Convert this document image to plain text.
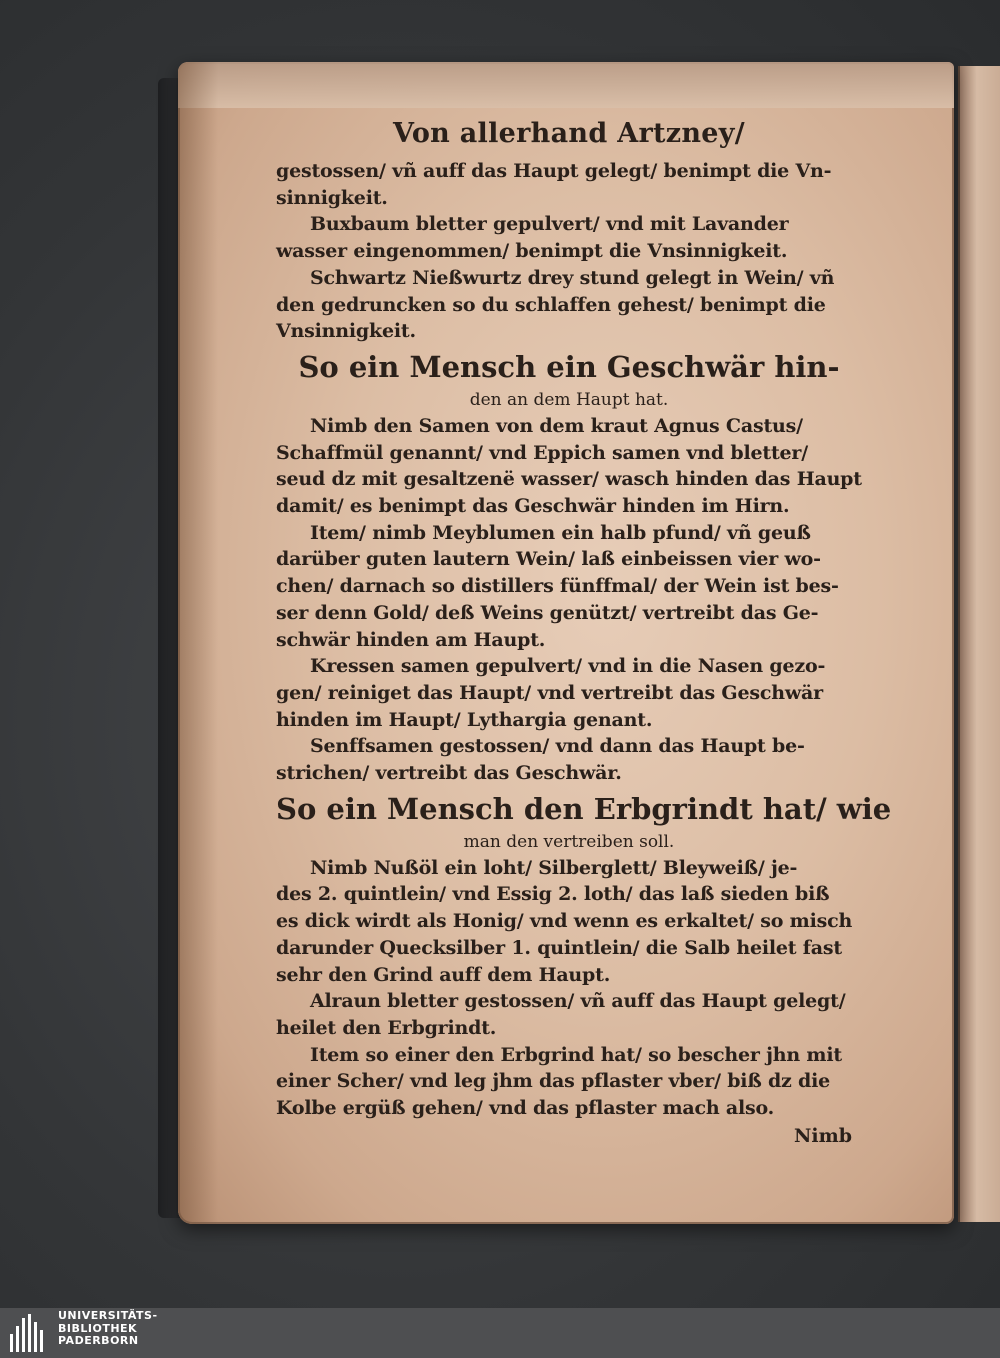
Von allerhand Artzney/
gestossen/ vñ auff das Haupt gelegt/ benimpt die Vn-
sinnigkeit.
Buxbaum bletter gepulvert/ vnd mit Lavander
wasser eingenommen/ benimpt die Vnsinnigkeit.
Schwartz Nießwurtz drey stund gelegt in Wein/ vñ
den gedruncken so du schlaffen gehest/ benimpt die
Vnsinnigkeit.
So ein Mensch ein Geschwär hin-
den an dem Haupt hat.
Nimb den Samen von dem kraut Agnus Castus/
Schaffmül genannt/ vnd Eppich samen vnd bletter/
seud dz mit gesaltzenë wasser/ wasch hinden das Haupt
damit/ es benimpt das Geschwär hinden im Hirn.
Item/ nimb Meyblumen ein halb pfund/ vñ geuß
darüber guten lautern Wein/ laß einbeissen vier wo-
chen/ darnach so distillers fünffmal/ der Wein ist bes-
ser denn Gold/ deß Weins genützt/ vertreibt das Ge-
schwär hinden am Haupt.
Kressen samen gepulvert/ vnd in die Nasen gezo-
gen/ reiniget das Haupt/ vnd vertreibt das Geschwär
hinden im Haupt/ Lythargia genant.
Senffsamen gestossen/ vnd dann das Haupt be-
strichen/ vertreibt das Geschwär.
So ein Mensch den Erbgrindt hat/ wie
man den vertreiben soll.
Nimb Nußöl ein loht/ Silberglett/ Bleyweiß/ je-
des 2. quintlein/ vnd Essig 2. loth/ das laß sieden biß
es dick wirdt als Honig/ vnd wenn es erkaltet/ so misch
darunder Quecksilber 1. quintlein/ die Salb heilet fast
sehr den Grind auff dem Haupt.
Alraun bletter gestossen/ vñ auff das Haupt gelegt/
heilet den Erbgrindt.
Item so einer den Erbgrind hat/ so bescher jhn mit
einer Scher/ vnd leg jhm das pflaster vber/ biß dz die
Kolbe ergüß gehen/ vnd das pflaster mach also.
Nimb
UNIVERSITÄTS-
BIBLIOTHEK
PADERBORN
